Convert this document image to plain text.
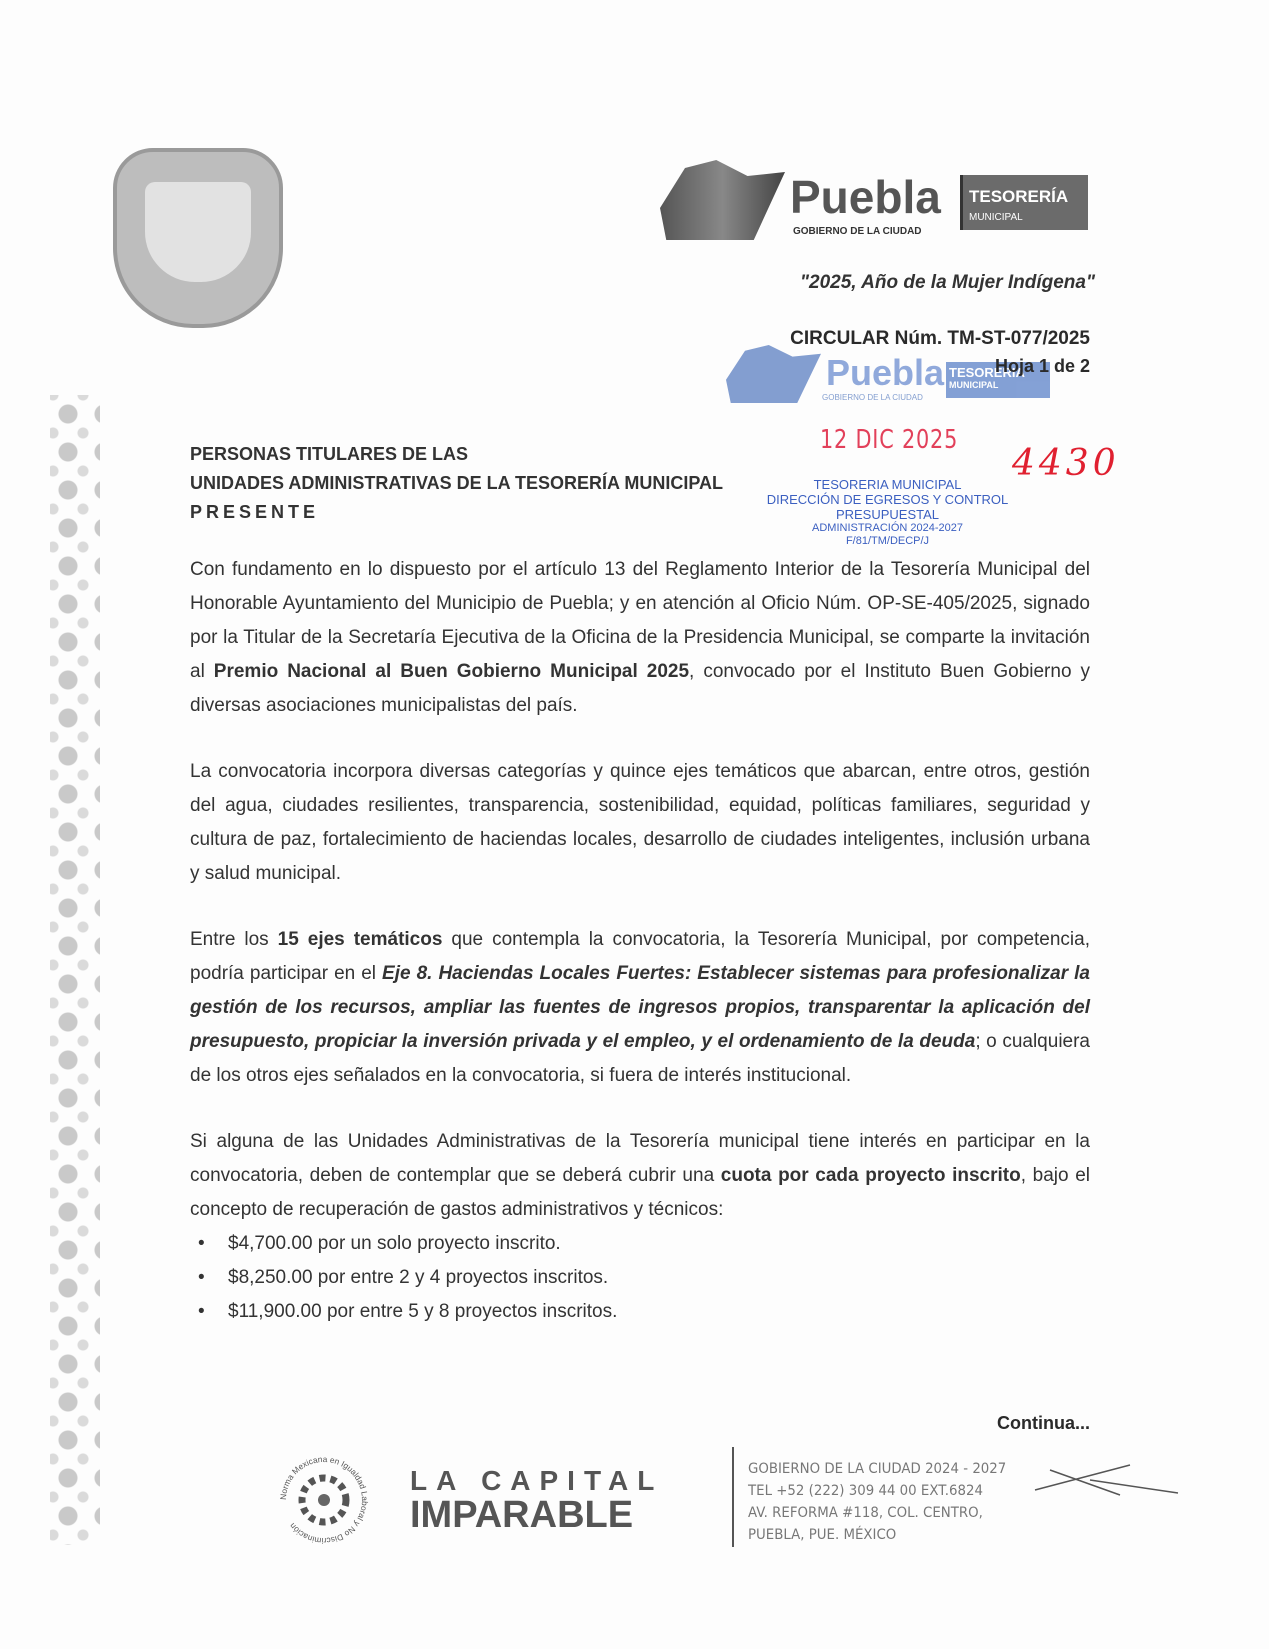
Puebla
GOBIERNO DE LA CIUDAD
TESORERÍA
MUNICIPAL
"2025, Año de la Mujer Indígena"
CIRCULAR Núm. TM-ST-077/2025
Puebla
GOBIERNO DE LA CIUDAD
TESORERIA
MUNICIPAL
Hoja 1 de 2
12 DIC 2025
4430
TESORERIA MUNICIPAL
DIRECCIÓN DE EGRESOS Y CONTROL
PRESUPUESTAL
ADMINISTRACIÓN 2024-2027
F/81/TM/DECP/J
PERSONAS TITULARES DE LAS
UNIDADES ADMINISTRATIVAS DE LA TESORERÍA MUNICIPAL
PRESENTE

Con fundamento en lo dispuesto por el artículo 13 del Reglamento Interior de la Tesorería Municipal del Honorable Ayuntamiento del Municipio de Puebla; y en atención al Oficio Núm. OP-SE-405/2025, signado por la Titular de la Secretaría Ejecutiva de la Oficina de la Presidencia Municipal, se comparte la invitación al Premio Nacional al Buen Gobierno Municipal 2025, convocado por el Instituto Buen Gobierno y diversas asociaciones municipalistas del país.

La convocatoria incorpora diversas categorías y quince ejes temáticos que abarcan, entre otros, gestión del agua, ciudades resilientes, transparencia, sostenibilidad, equidad, políticas familiares, seguridad y cultura de paz, fortalecimiento de haciendas locales, desarrollo de ciudades inteligentes, inclusión urbana y salud municipal.

Entre los 15 ejes temáticos que contempla la convocatoria, la Tesorería Municipal, por competencia, podría participar en el Eje 8. Haciendas Locales Fuertes: Establecer sistemas para profesionalizar la gestión de los recursos, ampliar las fuentes de ingresos propios, transparentar la aplicación del presupuesto, propiciar la inversión privada y el empleo, y el ordenamiento de la deuda; o cualquiera de los otros ejes señalados en la convocatoria, si fuera de interés institucional.

Si alguna de las Unidades Administrativas de la Tesorería municipal tiene interés en participar en la convocatoria, deben de contemplar que se deberá cubrir una cuota por cada proyecto inscrito, bajo el concepto de recuperación de gastos administrativos y técnicos:

• $4,700.00 por un solo proyecto inscrito.
• $8,250.00 por entre 2 y 4 proyectos inscritos.
• $11,900.00 por entre 5 y 8 proyectos inscritos.
Continua...
Norma Mexicana en Igualdad Laboral y No Discriminación
LA CAPITAL
IMPARABLE
GOBIERNO DE LA CIUDAD 2024 - 2027
TEL +52 (222) 309 44 00 EXT.6824
AV. REFORMA #118, COL. CENTRO,
PUEBLA, PUE. MÉXICO
